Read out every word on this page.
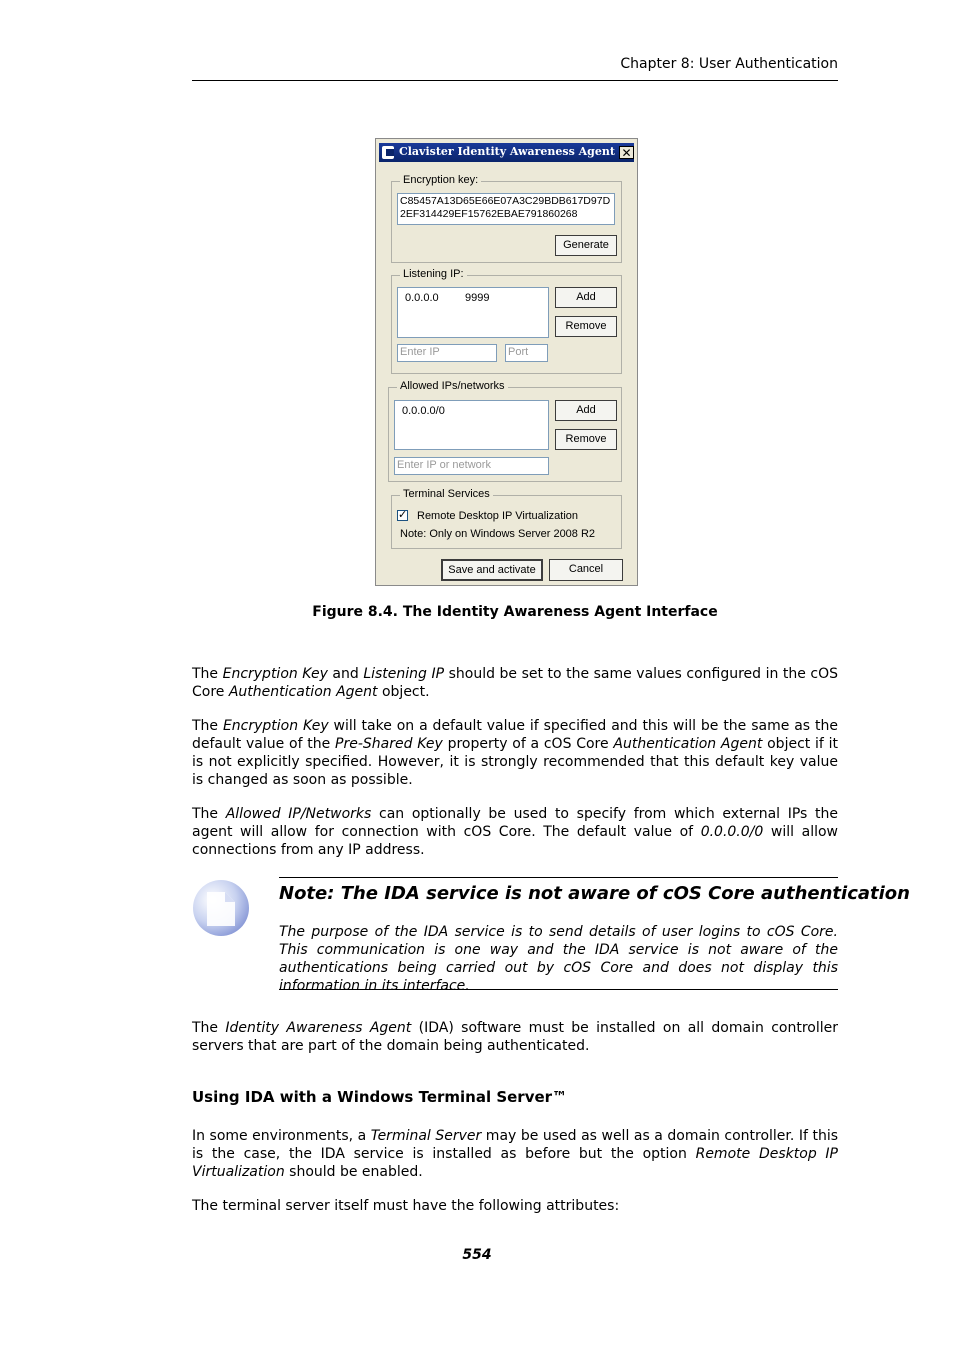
Chapter 8: User Authentication
Clavister Identity Awareness Agent ✕
Encryption key:
C85457A13D65E66E07A3C29BDB617D97D
2EF314429EF15762EBAE791860268
Generate
Listening IP:
0.0.0.0 9999	Add
Remove
Enter IP	Port
Allowed IPs/networks
0.0.0.0/0	Add
Remove
Enter IP or network
Terminal Services
✓ Remote Desktop IP Virtualization
Note: Only on Windows Server 2008 R2
Save and activate	Cancel
Figure 8.4. The Identity Awareness Agent Interface
The Encryption Key and Listening IP should be set to the same values configured in the cOS Core Authentication Agent object.
The Encryption Key will take on a default value if specified and this will be the same as the default value of the Pre-Shared Key property of a cOS Core Authentication Agent object if it is not explicitly specified. However, it is strongly recommended that this default key value is changed as soon as possible.
The Allowed IP/Networks can optionally be used to specify from which external IPs the agent will allow for connection with cOS Core. The default value of 0.0.0.0/0 will allow connections from any IP address.
Note: The IDA service is not aware of cOS Core authentication
The purpose of the IDA service is to send details of user logins to cOS Core. This communication is one way and the IDA service is not aware of the authentications being carried out by cOS Core and does not display this information in its interface.
The Identity Awareness Agent (IDA) software must be installed on all domain controller servers that are part of the domain being authenticated.
Using IDA with a Windows Terminal Server™
In some environments, a Terminal Server may be used as well as a domain controller. If this is the case, the IDA service is installed as before but the option Remote Desktop IP Virtualization should be enabled.
The terminal server itself must have the following attributes:
554
